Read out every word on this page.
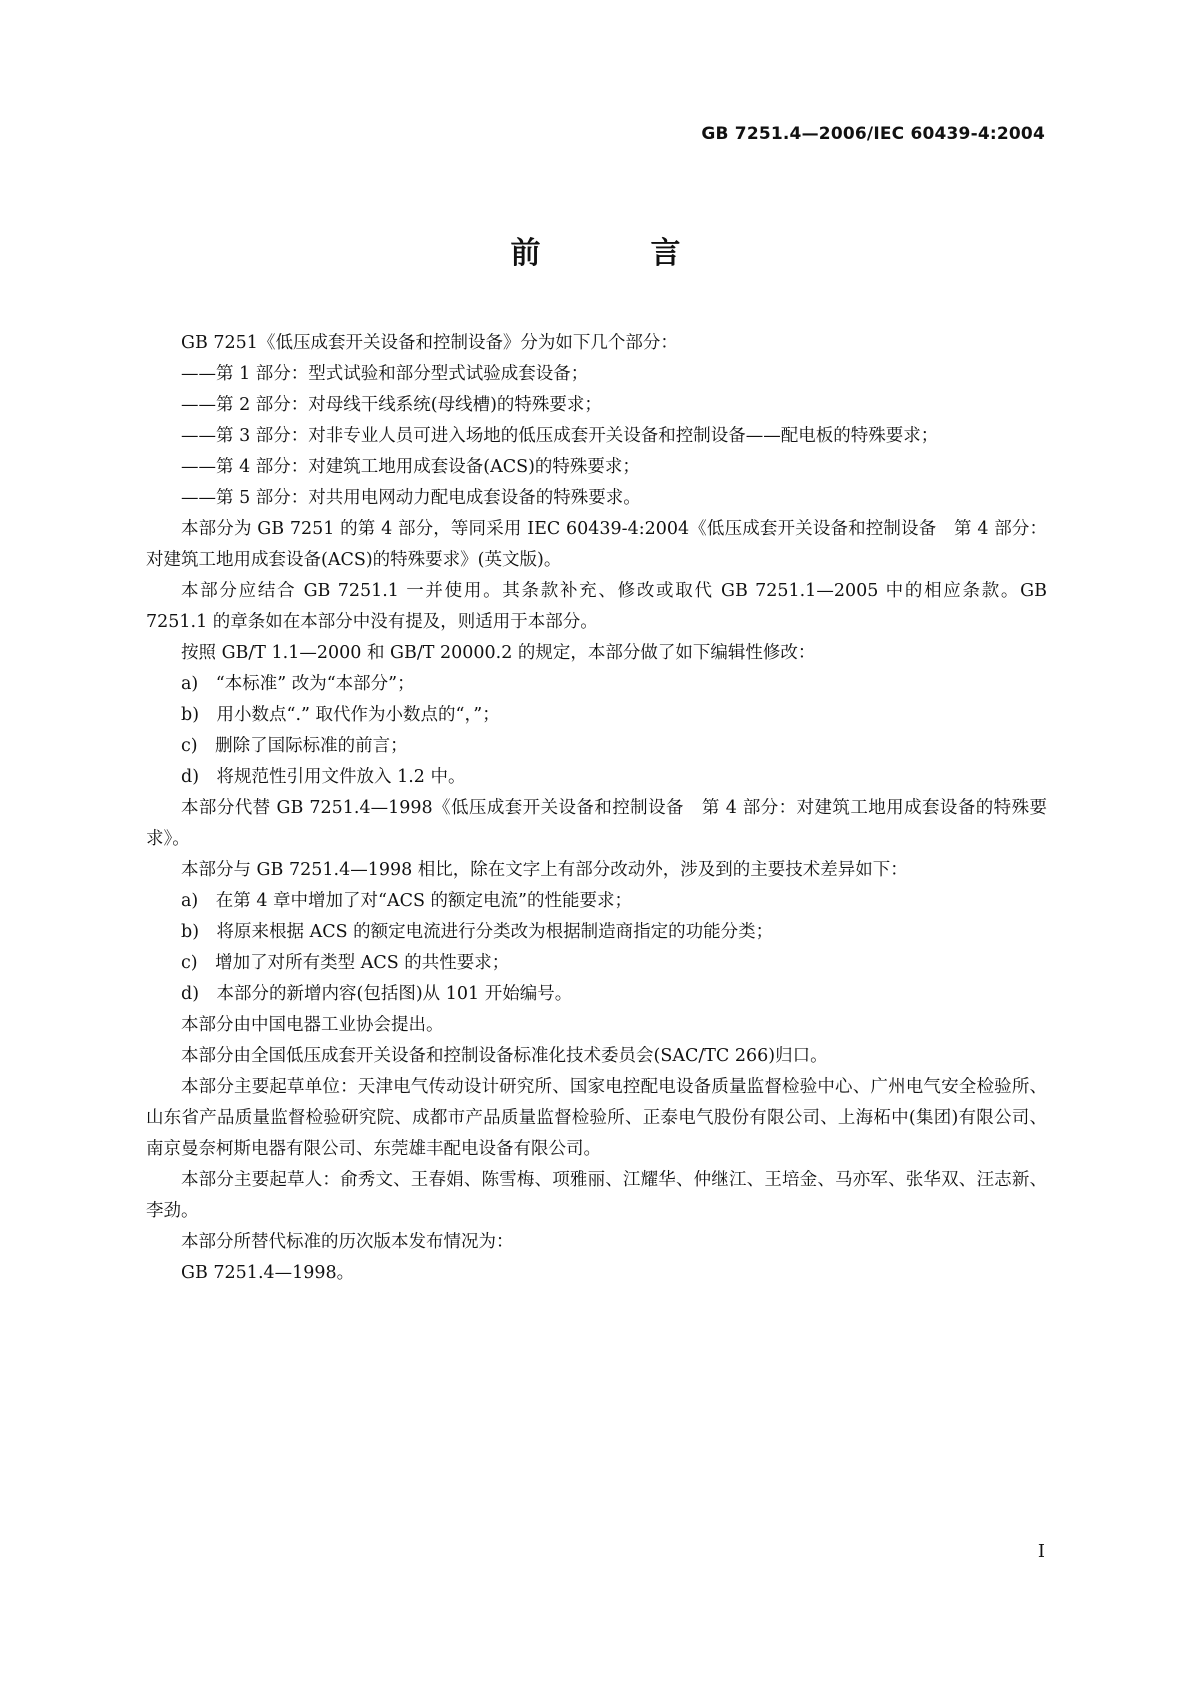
GB 7251.4—2006/IEC 60439-4:2004
前　言

GB 7251《低压成套开关设备和控制设备》分为如下几个部分：

——第 1 部分：型式试验和部分型式试验成套设备；

——第 2 部分：对母线干线系统(母线槽)的特殊要求；

——第 3 部分：对非专业人员可进入场地的低压成套开关设备和控制设备——配电板的特殊要求；

——第 4 部分：对建筑工地用成套设备(ACS)的特殊要求；

——第 5 部分：对共用电网动力配电成套设备的特殊要求。

本部分为 GB 7251 的第 4 部分，等同采用 IEC 60439-4:2004《低压成套开关设备和控制设备　第 4 部分：对建筑工地用成套设备(ACS)的特殊要求》(英文版)。

本部分应结合 GB 7251.1 一并使用。其条款补充、修改或取代 GB 7251.1—2005 中的相应条款。GB 7251.1 的章条如在本部分中没有提及，则适用于本部分。

按照 GB/T 1.1—2000 和 GB/T 20000.2 的规定，本部分做了如下编辑性修改：

a)　“本标准” 改为“本部分”；

b)　用小数点“.” 取代作为小数点的“，”；

c)　删除了国际标准的前言；

d)　将规范性引用文件放入 1.2 中。

本部分代替 GB 7251.4—1998《低压成套开关设备和控制设备　第 4 部分：对建筑工地用成套设备的特殊要求》。

本部分与 GB 7251.4—1998 相比，除在文字上有部分改动外，涉及到的主要技术差异如下：

a)　在第 4 章中增加了对“ACS 的额定电流”的性能要求；

b)　将原来根据 ACS 的额定电流进行分类改为根据制造商指定的功能分类；

c)　增加了对所有类型 ACS 的共性要求；

d)　本部分的新增内容(包括图)从 101 开始编号。

本部分由中国电器工业协会提出。

本部分由全国低压成套开关设备和控制设备标准化技术委员会(SAC/TC 266)归口。

本部分主要起草单位：天津电气传动设计研究所、国家电控配电设备质量监督检验中心、广州电气安全检验所、山东省产品质量监督检验研究院、成都市产品质量监督检验所、正泰电气股份有限公司、上海柘中(集团)有限公司、南京曼奈柯斯电器有限公司、东莞雄丰配电设备有限公司。

本部分主要起草人：俞秀文、王春娟、陈雪梅、项雅丽、江耀华、仲继江、王培金、马亦军、张华双、汪志新、李劲。

本部分所替代标准的历次版本发布情况为：

GB 7251.4—1998。

I
